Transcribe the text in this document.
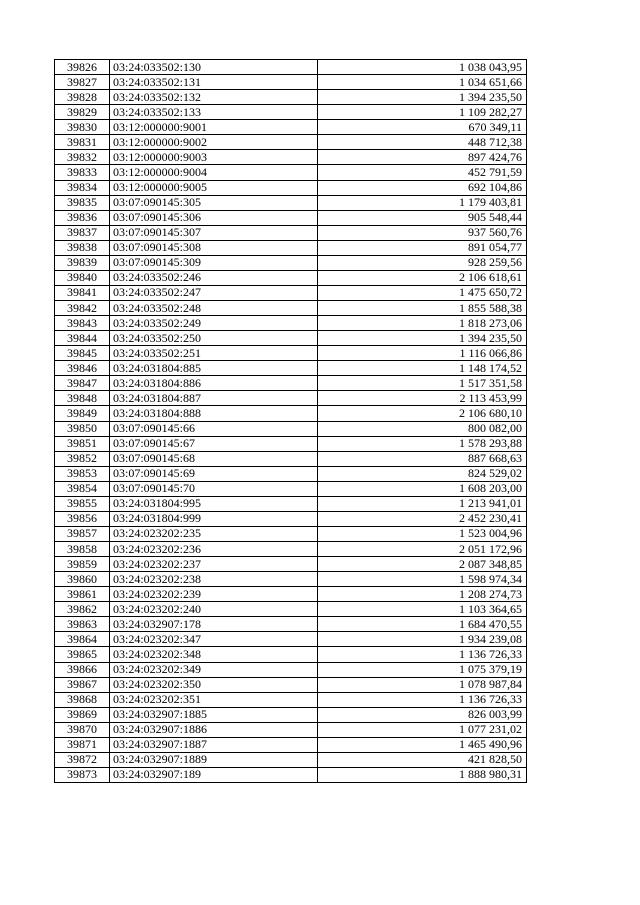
39826	03:24:033502:130	1 038 043,95
39827	03:24:033502:131	1 034 651,66
39828	03:24:033502:132	1 394 235,50
39829	03:24:033502:133	1 109 282,27
39830	03:12:000000:9001	670 349,11
39831	03:12:000000:9002	448 712,38
39832	03:12:000000:9003	897 424,76
39833	03:12:000000:9004	452 791,59
39834	03:12:000000:9005	692 104,86
39835	03:07:090145:305	1 179 403,81
39836	03:07:090145:306	905 548,44
39837	03:07:090145:307	937 560,76
39838	03:07:090145:308	891 054,77
39839	03:07:090145:309	928 259,56
39840	03:24:033502:246	2 106 618,61
39841	03:24:033502:247	1 475 650,72
39842	03:24:033502:248	1 855 588,38
39843	03:24:033502:249	1 818 273,06
39844	03:24:033502:250	1 394 235,50
39845	03:24:033502:251	1 116 066,86
39846	03:24:031804:885	1 148 174,52
39847	03:24:031804:886	1 517 351,58
39848	03:24:031804:887	2 113 453,99
39849	03:24:031804:888	2 106 680,10
39850	03:07:090145:66	800 082,00
39851	03:07:090145:67	1 578 293,88
39852	03:07:090145:68	887 668,63
39853	03:07:090145:69	824 529,02
39854	03:07:090145:70	1 608 203,00
39855	03:24:031804:995	1 213 941,01
39856	03:24:031804:999	2 452 230,41
39857	03:24:023202:235	1 523 004,96
39858	03:24:023202:236	2 051 172,96
39859	03:24:023202:237	2 087 348,85
39860	03:24:023202:238	1 598 974,34
39861	03:24:023202:239	1 208 274,73
39862	03:24:023202:240	1 103 364,65
39863	03:24:032907:178	1 684 470,55
39864	03:24:023202:347	1 934 239,08
39865	03:24:023202:348	1 136 726,33
39866	03:24:023202:349	1 075 379,19
39867	03:24:023202:350	1 078 987,84
39868	03:24:023202:351	1 136 726,33
39869	03:24:032907:1885	826 003,99
39870	03:24:032907:1886	1 077 231,02
39871	03:24:032907:1887	1 465 490,96
39872	03:24:032907:1889	421 828,50
39873	03:24:032907:189	1 888 980,31
